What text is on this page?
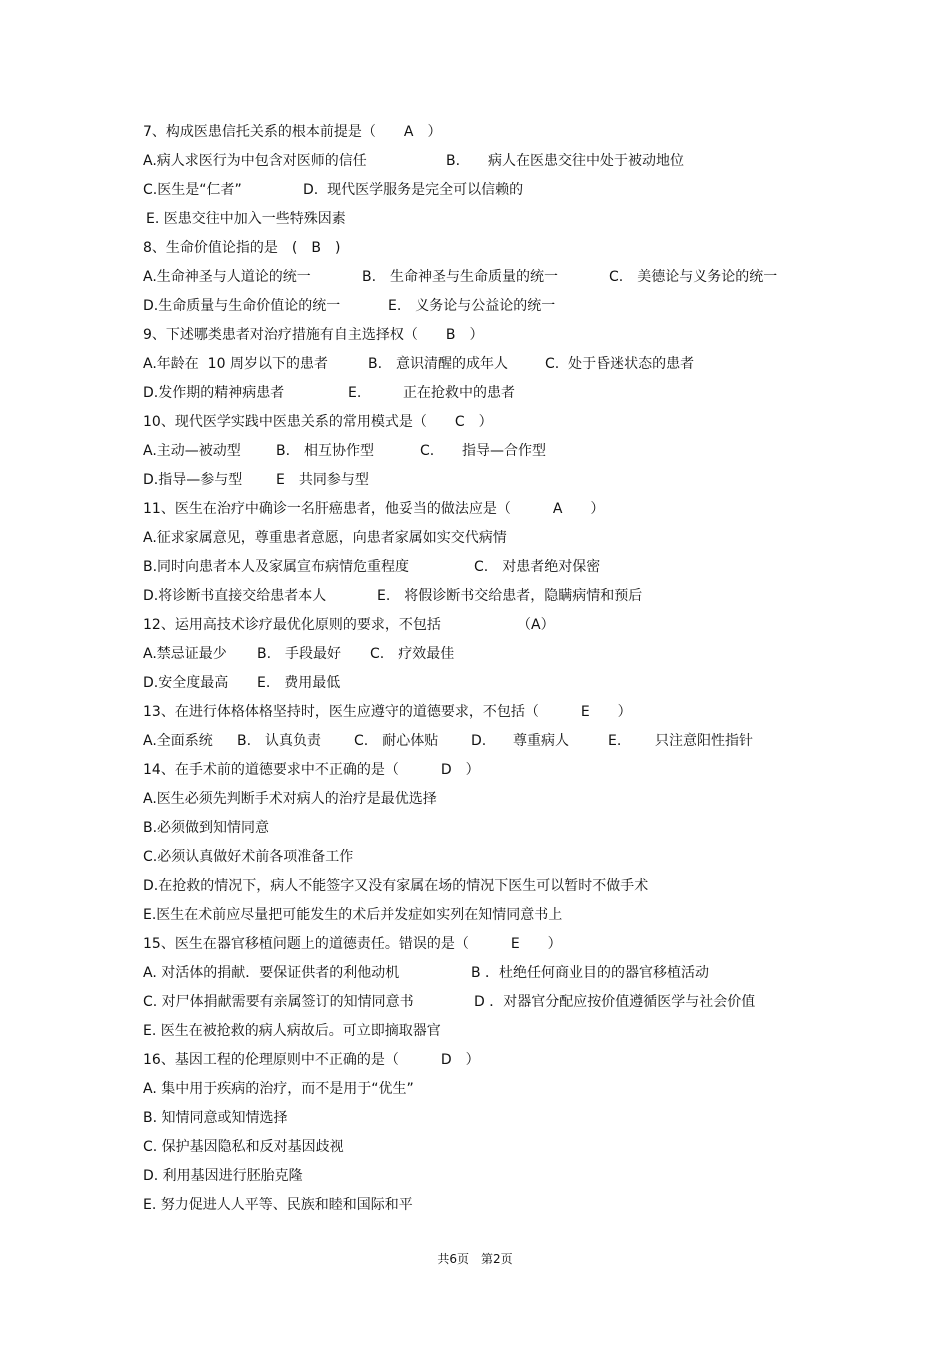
7、构成医患信托关系的根本前提是（　　A　）

A.病人求医行为中包含对医师的信任

	B.　　病人在医患交往中处于被动地位

C.医生是“仁者”

	D.  现代医学服务是完全可以信赖的

E. 医患交往中加入一些特殊因素

8、生命价值论指的是　(　B　)

A.生命神圣与人道论的统一

	B.　生命神圣与生命质量的统一

	C.　美德论与义务论的统一

D.生命质量与生命价值论的统一

	E.　义务论与公益论的统一

9、下述哪类患者对治疗措施有自主选择权（　　B　）

A.年龄在  10 周岁以下的患者

	B.　意识清醒的成年人

	C.  处于昏迷状态的患者

D.发作期的精神病患者

	E.

	正在抢救中的患者

10、现代医学实践中医患关系的常用模式是（　　C　）

A.主动—被动型

	B.　相互协作型

	C.

指导—合作型

D.指导—参与型

E　共同参与型

11、医生在治疗中确诊一名肝癌患者，他妥当的做法应是（　　　A　　）

A.征求家属意见，尊重患者意愿，向患者家属如实交代病情

B.同时向患者本人及家属宣布病情危重程度

	C.　对患者绝对保密

D.将诊断书直接交给患者本人

	E.　将假诊断书交给患者，隐瞒病情和预后

12、运用高技术诊疗最优化原则的要求，不包括

	（A）

A.禁忌证最少

B.　手段最好

C.　疗效最佳

D.安全度最高

E.　费用最低

13、在进行体格体格坚持时，医生应遵守的道德要求，不包括（　　　E　　）

A.全面系统

B.　认真负责

C.　耐心体贴

D.

尊重病人

	E.

只注意阳性指针

14、在手术前的道德要求中不正确的是（　　　D　）

A.医生必须先判断手术对病人的治疗是最优选择

B.必须做到知情同意

C.必须认真做好术前各项准备工作

D.在抢救的情况下，病人不能签字又没有家属在场的情况下医生可以暂时不做手术

E.医生在术前应尽量把可能发生的术后并发症如实列在知情同意书上

15、医生在器官移植问题上的道德责任。错误的是（　　　E　　）

A. 对活体的捐献．要保证供者的利他动机

	B ．杜绝任何商业目的的器官移植活动

C. 对尸体捐献需要有亲属签订的知情同意书

	D ．对器官分配应按价值遵循医学与社会价值

E. 医生在被抢救的病人病故后。可立即摘取器官

16、基因工程的伦理原则中不正确的是（　　　D　）

A. 集中用于疾病的治疗，而不是用于“优生”

B. 知情同意或知情选择

C. 保护基因隐私和反对基因歧视

D. 利用基因进行胚胎克隆

E. 努力促进人人平等、民族和睦和国际和平

共6页　第2页
